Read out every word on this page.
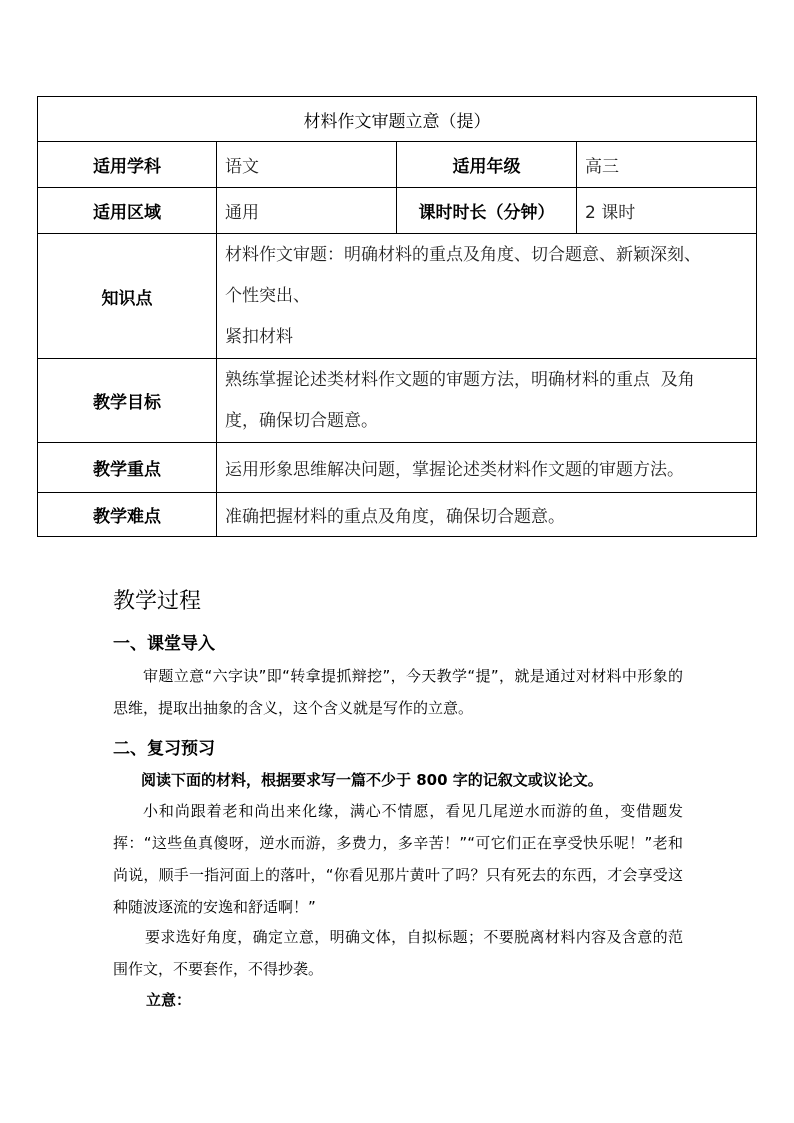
材料作文审题立意（提）			
适用学科	语文	适用年级	高三
适用区域	通用	课时时长（分钟）	2 课时
知识点	材料作文审题：明确材料的重点及角度、切合题意、新颖深刻、
个性突出、
紧扣材料		

教学目标	熟练掌握论述类材料作文题的审题方法，明确材料的重点  及角
度，确保切合题意。		

教学重点	运用形象思维解决问题，掌握论述类材料作文题的审题方法。		
教学难点	准确把握材料的重点及角度，确保切合题意。		
教学过程
一、课堂导入
审题立意“六字诀”即“转拿提抓辩挖”，今天教学“提”，就是通过对材料中形象的思维，提取出抽象的含义，这个含义就是写作的立意。
二、复习预习
阅读下面的材料，根据要求写一篇不少于 800 字的记叙文或议论文。
小和尚跟着老和尚出来化缘，满心不情愿，看见几尾逆水而游的鱼，变借题发挥：“这些鱼真傻呀，逆水而游，多费力，多辛苦！”“可它们正在享受快乐呢！”老和尚说，顺手一指河面上的落叶，“你看见那片黄叶了吗？只有死去的东西，才会享受这种随波逐流的安逸和舒适啊！”
要求选好角度，确定立意，明确文体，自拟标题；不要脱离材料内容及含意的范围作文，不要套作，不得抄袭。
立意：
